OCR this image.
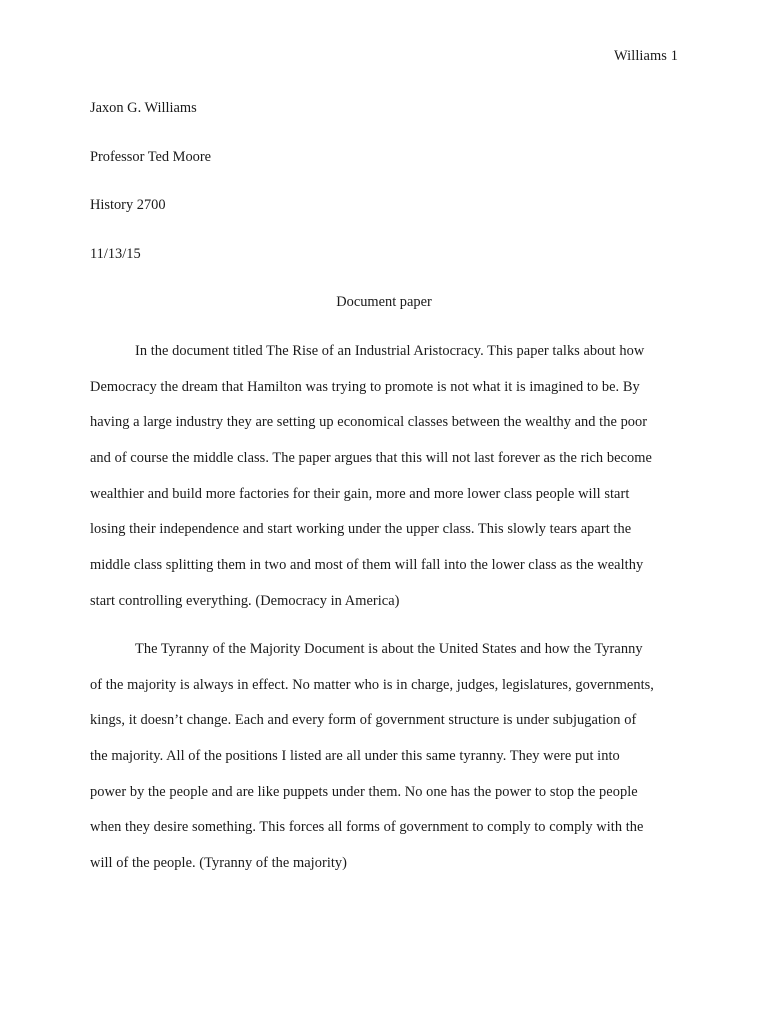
Williams 1
Jaxon G. Williams
Professor Ted Moore
History 2700
11/13/15
Document paper
In the document titled The Rise of an Industrial Aristocracy. This paper talks about how
Democracy the dream that Hamilton was trying to promote is not what it is imagined to be. By
having a large industry they are setting up economical classes between the wealthy and the poor
and of course the middle class. The paper argues that this will not last forever as the rich become
wealthier and build more factories for their gain, more and more lower class people will start
losing their independence and start working under the upper class. This slowly tears apart the
middle class splitting them in two and most of them will fall into the lower class as the wealthy
start controlling everything. (Democracy in America)
The Tyranny of the Majority Document is about the United States and how the Tyranny
of the majority is always in effect. No matter who is in charge, judges, legislatures, governments,
kings, it doesn’t change. Each and every form of government structure is under subjugation of
the majority. All of the positions I listed are all under this same tyranny. They were put into
power by the people and are like puppets under them. No one has the power to stop the people
when they desire something. This forces all forms of government to comply to comply with the
will of the people. (Tyranny of the majority)
